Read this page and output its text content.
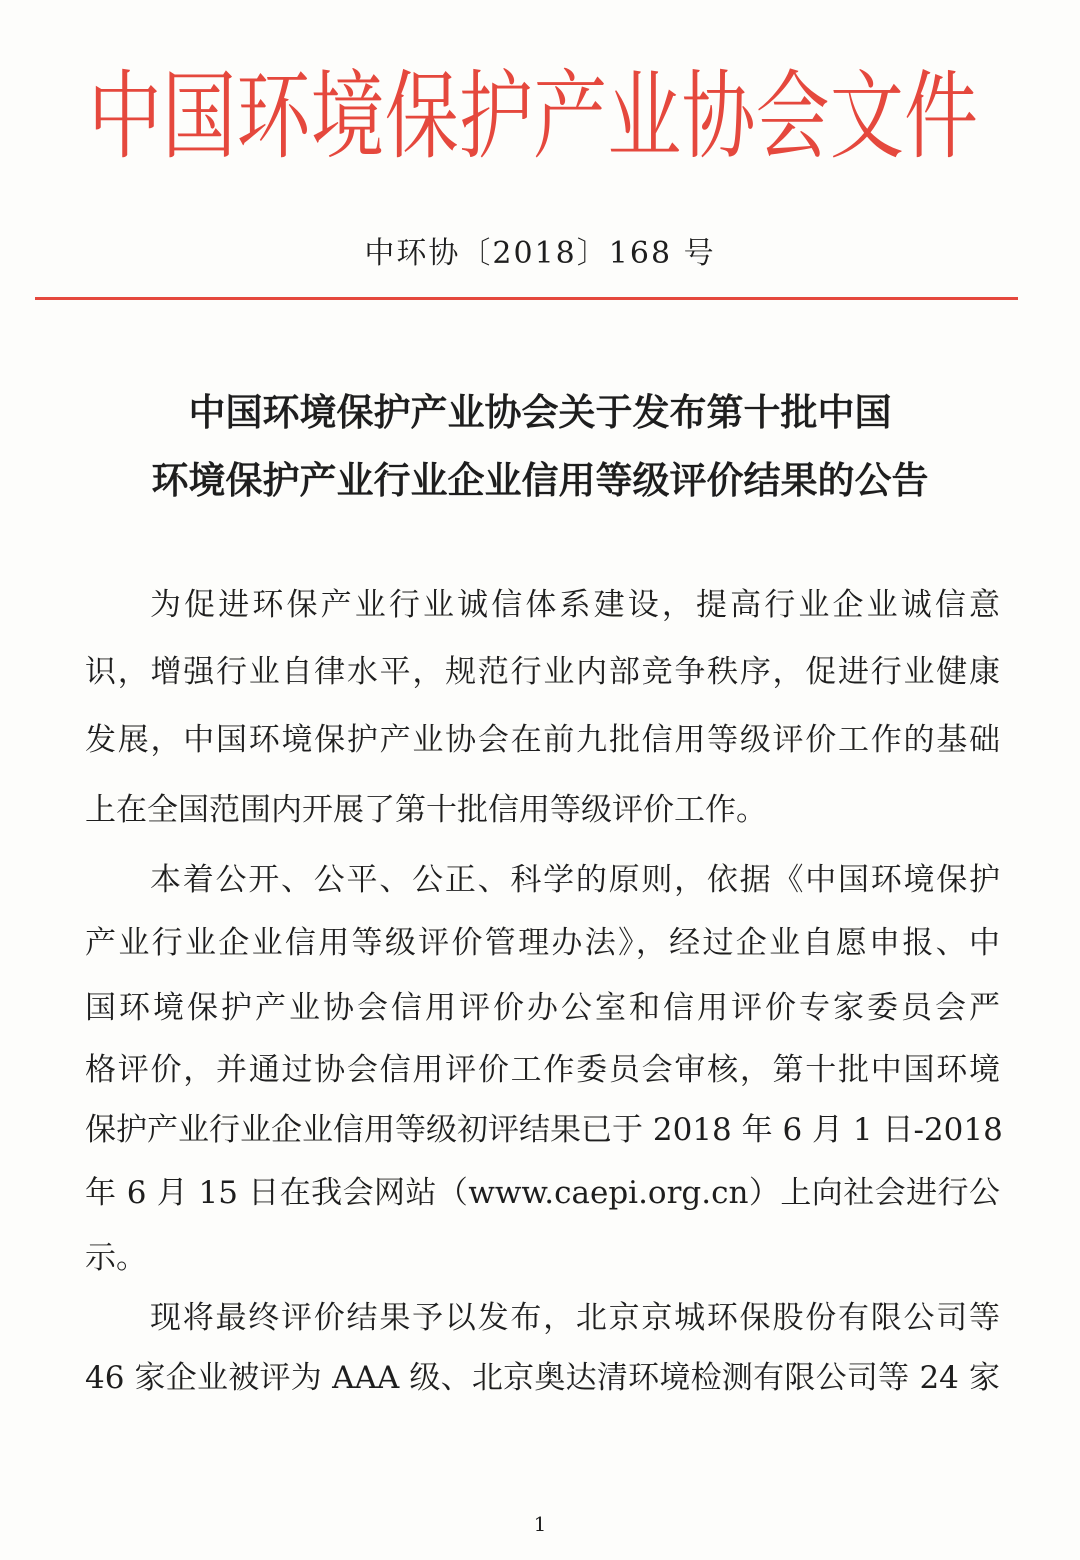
中国环境保护产业协会文件
中环协〔2018〕168 号
中国环境保护产业协会关于发布第十批中国
环境保护产业行业企业信用等级评价结果的公告
为促进环保产业行业诚信体系建设，提高行业企业诚信意
识，增强行业自律水平，规范行业内部竞争秩序，促进行业健康
发展，中国环境保护产业协会在前九批信用等级评价工作的基础
上在全国范围内开展了第十批信用等级评价工作。
本着公开、公平、公正、科学的原则，依据《中国环境保护
产业行业企业信用等级评价管理办法》，经过企业自愿申报、中
国环境保护产业协会信用评价办公室和信用评价专家委员会严
格评价，并通过协会信用评价工作委员会审核，第十批中国环境
保护产业行业企业信用等级初评结果已于 2018 年 6 月 1 日-2018
年 6 月 15 日在我会网站（www.caepi.org.cn）上向社会进行公
示。
现将最终评价结果予以发布，北京京城环保股份有限公司等
46 家企业被评为 AAA 级、北京奥达清环境检测有限公司等 24 家
1
